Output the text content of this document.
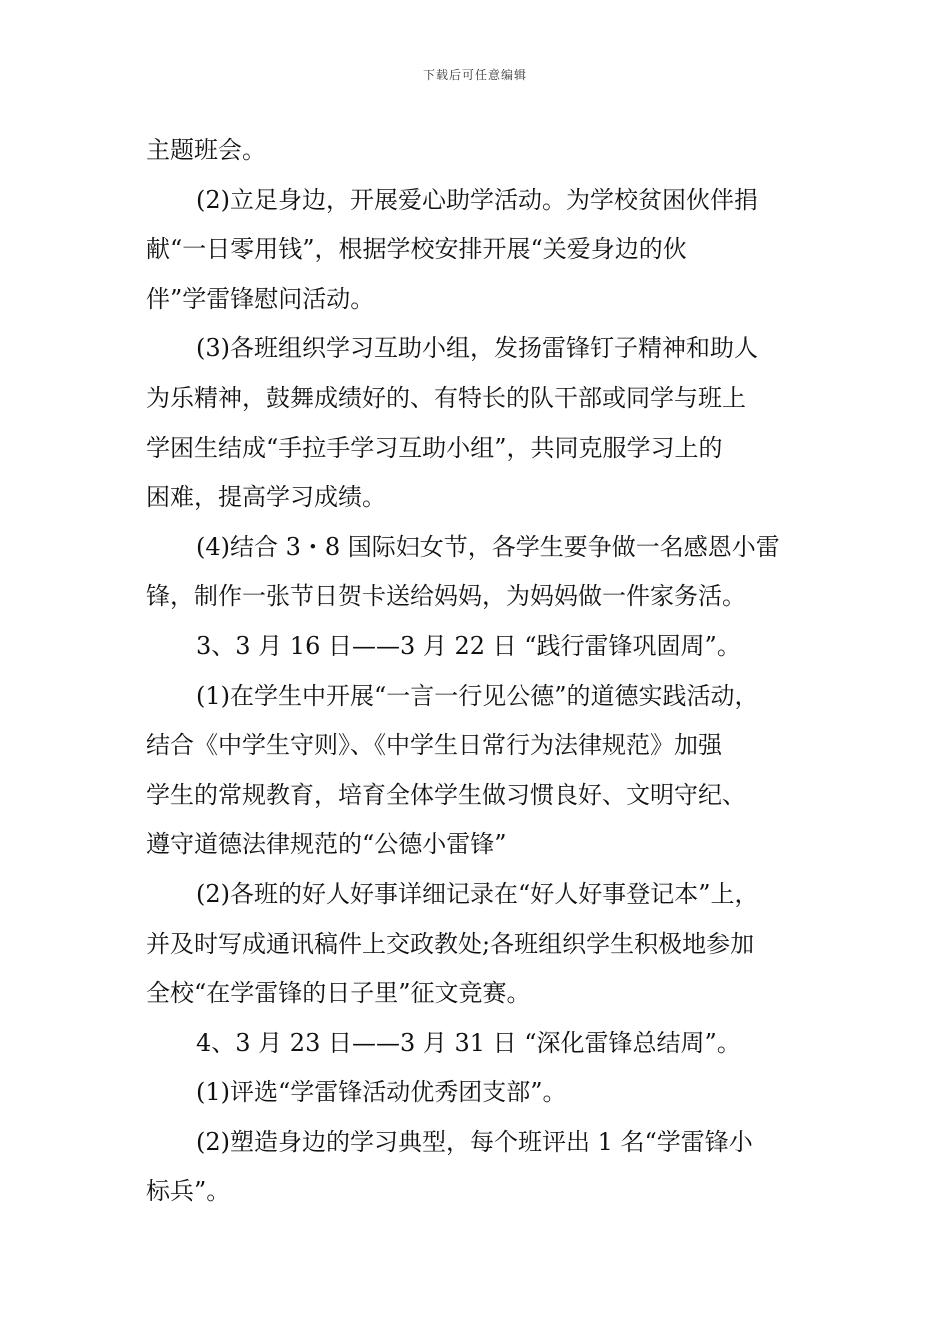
下载后可任意编辑
主题班会。
(2)立足身边，开展爱心助学活动。为学校贫困伙伴捐
献“一日零用钱”，根据学校安排开展“关爱身边的伙
伴”学雷锋慰问活动。
(3)各班组织学习互助小组，发扬雷锋钉子精神和助人
为乐精神，鼓舞成绩好的、有特长的队干部或同学与班上
学困生结成“手拉手学习互助小组”，共同克服学习上的
困难，提高学习成绩。
(4)结合 3・8 国际妇女节，各学生要争做一名感恩小雷
锋，制作一张节日贺卡送给妈妈，为妈妈做一件家务活。
3、3 月 16 日——3 月 22 日 “践行雷锋巩固周”。
(1)在学生中开展“一言一行见公德”的道德实践活动，
结合《中学生守则》、《中学生日常行为法律规范》加强
学生的常规教育，培育全体学生做习惯良好、文明守纪、
遵守道德法律规范的“公德小雷锋”
(2)各班的好人好事详细记录在“好人好事登记本”上，
并及时写成通讯稿件上交政教处;各班组织学生积极地参加
全校“在学雷锋的日子里”征文竞赛。
4、3 月 23 日——3 月 31 日 “深化雷锋总结周”。
(1)评选“学雷锋活动优秀团支部”。
(2)塑造身边的学习典型，每个班评出 1 名“学雷锋小
标兵”。
